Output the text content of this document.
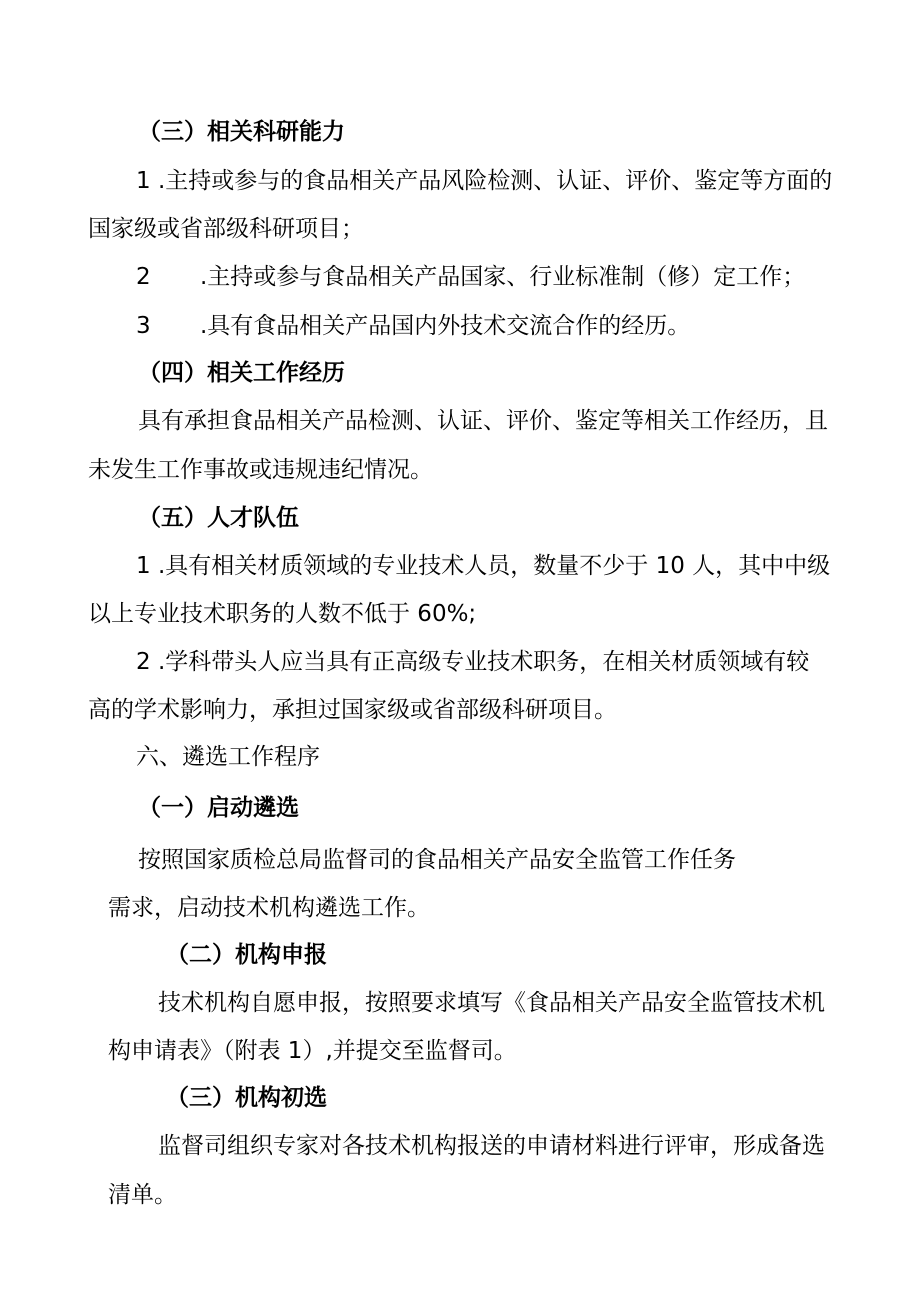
（三）相关科研能力
1 .主持或参与的食品相关产品风险检测、认证、评价、鉴定等方面的
国家级或省部级科研项目；
2 .主持或参与食品相关产品国家、行业标准制（修）定工作；
3 .具有食品相关产品国内外技术交流合作的经历。
（四）相关工作经历
具有承担食品相关产品检测、认证、评价、鉴定等相关工作经历，且
未发生工作事故或违规违纪情况。
（五）人才队伍
1 .具有相关材质领域的专业技术人员，数量不少于 10 人，其中中级
以上专业技术职务的人数不低于 60%;
2 .学科带头人应当具有正高级专业技术职务，在相关材质领域有较
高的学术影响力，承担过国家级或省部级科研项目。
六、遴选工作程序
（一）启动遴选
按照国家质检总局监督司的食品相关产品安全监管工作任务
需求，启动技术机构遴选工作。
（二）机构申报
技术机构自愿申报，按照要求填写《食品相关产品安全监管技术机
构申请表》（附表 1）,并提交至监督司。
（三）机构初选
监督司组织专家对各技术机构报送的申请材料进行评审，形成备选
清单。
